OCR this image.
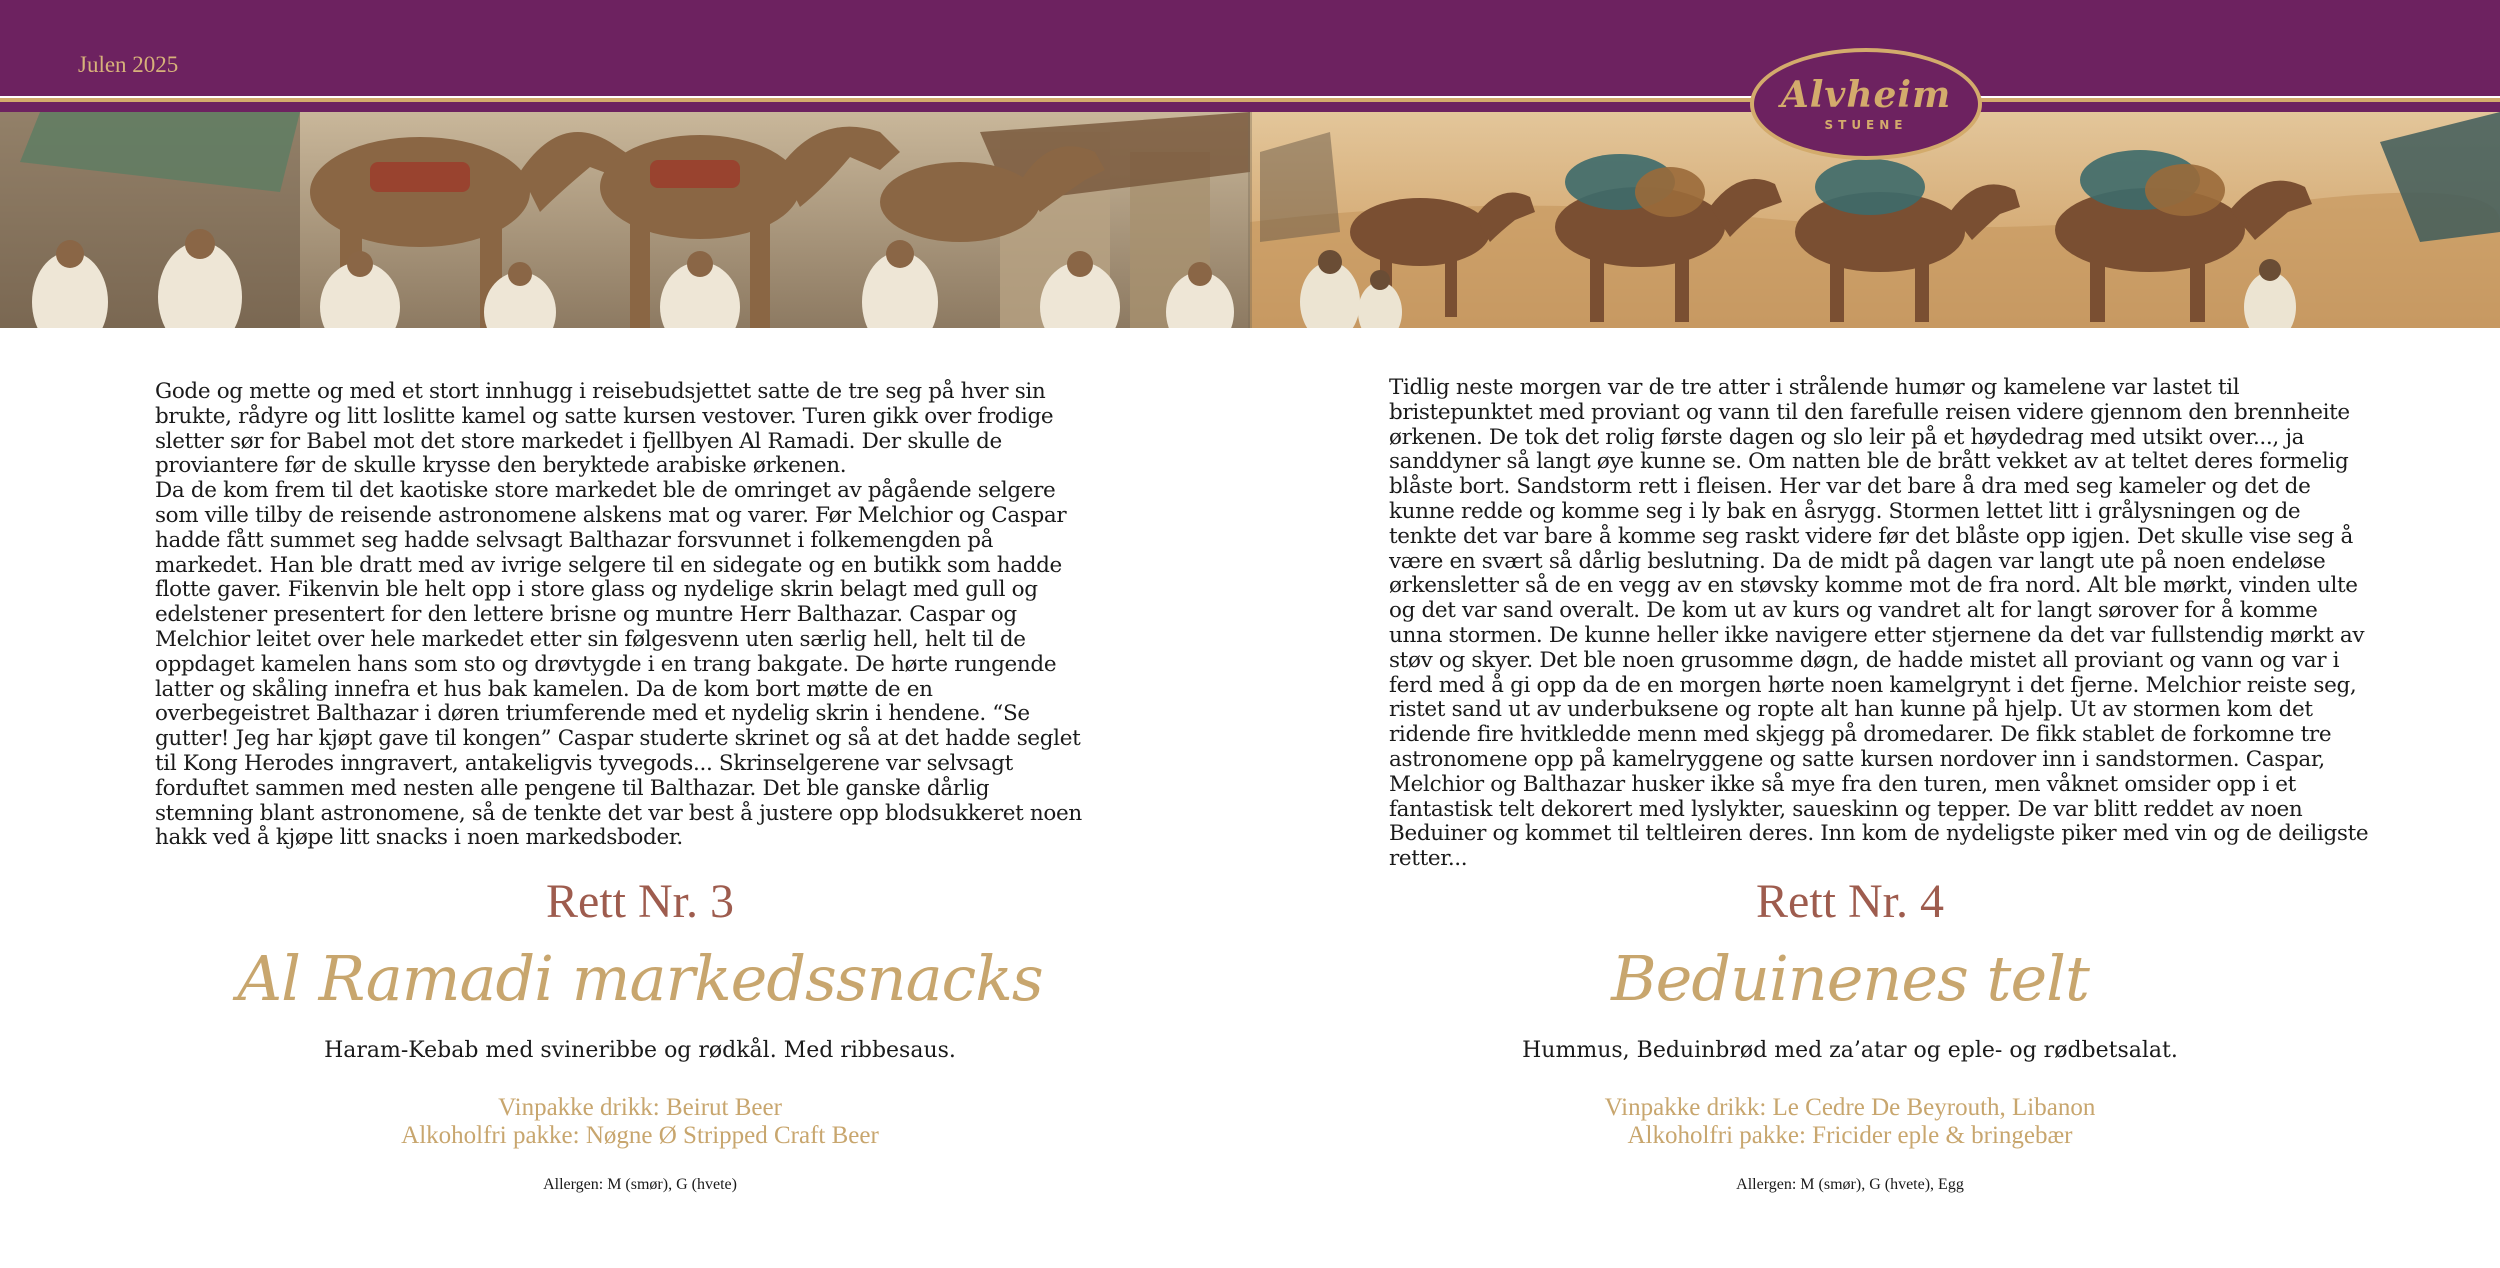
Julen 2025
Alvheim
STUENE

Gode og mette og med et stort innhugg i reisebudsjettet satte de tre seg på hver sin brukte, rådyre og litt loslitte kamel og satte kursen vestover. Turen gikk over frodige sletter sør for Babel mot det store markedet i fjellbyen Al Ramadi. Der skulle de proviantere før de skulle krysse den beryktede arabiske ørkenen.

Da de kom frem til det kaotiske store markedet ble de omringet av pågående selgere som ville tilby de reisende astronomene alskens mat og varer. Før Melchior og Caspar hadde fått summet seg hadde selvsagt Balthazar forsvunnet i folkemengden på markedet. Han ble dratt med av ivrige selgere til en sidegate og en butikk som hadde flotte gaver. Fikenvin ble helt opp i store glass og nydelige skrin belagt med gull og edelstener presentert for den lettere brisne og muntre Herr Balthazar. Caspar og Melchior leitet over hele markedet etter sin følgesvenn uten særlig hell, helt til de oppdaget kamelen hans som sto og drøvtygde i en trang bakgate. De hørte rungende latter og skåling innefra et hus bak kamelen. Da de kom bort møtte de en overbegeistret Balthazar i døren triumferende med et nydelig skrin i hendene. “Se gutter! Jeg har kjøpt gave til kongen” Caspar studerte skrinet og så at det hadde seglet til Kong Herodes inngravert, antakeligvis tyvegods... Skrinselgerene var selvsagt forduftet sammen med nesten alle pengene til Balthazar. Det ble ganske dårlig stemning blant astronomene, så de tenkte det var best å justere opp blodsukkeret noen hakk ved å kjøpe litt snacks i noen markedsboder.

Tidlig neste morgen var de tre atter i strålende humør og kamelene var lastet til bristepunktet med proviant og vann til den farefulle reisen videre gjennom den brennheite ørkenen. De tok det rolig første dagen og slo leir på et høydedrag med utsikt over..., ja sanddyner så langt øye kunne se. Om natten ble de brått vekket av at teltet deres formelig blåste bort. Sandstorm rett i fleisen. Her var det bare å dra med seg kameler og det de kunne redde og komme seg i ly bak en åsrygg. Stormen lettet litt i grålysningen og de tenkte det var bare å komme seg raskt videre før det blåste opp igjen. Det skulle vise seg å være en svært så dårlig beslutning. Da de midt på dagen var langt ute på noen endeløse ørkensletter så de en vegg av en støvsky komme mot de fra nord. Alt ble mørkt, vinden ulte og det var sand overalt. De kom ut av kurs og vandret alt for langt sørover for å komme unna stormen. De kunne heller ikke navigere etter stjernene da det var fullstendig mørkt av støv og skyer. Det ble noen grusomme døgn, de hadde mistet all proviant og vann og var i ferd med å gi opp da de en morgen hørte noen kamelgrynt i det fjerne. Melchior reiste seg, ristet sand ut av underbuksene og ropte alt han kunne på hjelp. Ut av stormen kom det ridende fire hvitkledde menn med skjegg på dromedarer. De fikk stablet de forkomne tre astronomene opp på kamelryggene og satte kursen nordover inn i sandstormen. Caspar, Melchior og Balthazar husker ikke så mye fra den turen, men våknet omsider opp i et fantastisk telt dekorert med lyslykter, saueskinn og tepper. De var blitt reddet av noen Beduiner og kommet til teltleiren deres. Inn kom de nydeligste piker med vin og de deiligste retter...

Rett Nr. 3
Al Ramadi markedssnacks
Haram-Kebab med svineribbe og rødkål. Med ribbesaus.
Vinpakke drikk: Beirut Beer
Alkoholfri pakke: Nøgne Ø Stripped Craft Beer
Allergen: M (smør), G (hvete)
Rett Nr. 4
Beduinenes telt
Hummus, Beduinbrød med za’atar og eple- og rødbetsalat.
Vinpakke drikk: Le Cedre De Beyrouth, Libanon
Alkoholfri pakke: Fricider eple & bringebær
Allergen: M (smør), G (hvete), Egg
